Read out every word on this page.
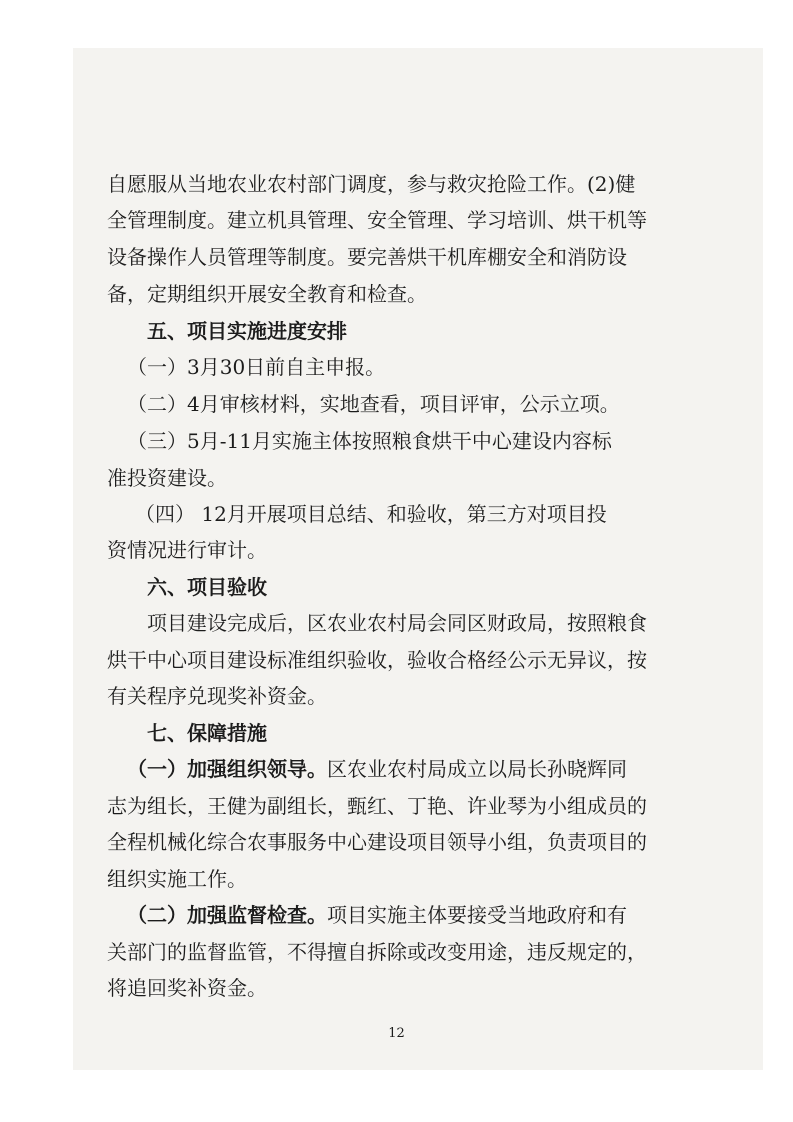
自愿服从当地农业农村部门调度，参与救灾抢险工作。(2)健
全管理制度。建立机具管理、安全管理、学习培训、烘干机等
设备操作人员管理等制度。要完善烘干机库棚安全和消防设
备，定期组织开展安全教育和检查。
五、项目实施进度安排
（一）3月30日前自主申报。
（二）4月审核材料，实地查看，项目评审，公示立项。
（三）5月-11月实施主体按照粮食烘干中心建设内容标
准投资建设。
（四） 12月开展项目总结、和验收，第三方对项目投
资情况进行审计。
六、项目验收
项目建设完成后，区农业农村局会同区财政局，按照粮食
烘干中心项目建设标准组织验收，验收合格经公示无异议，按
有关程序兑现奖补资金。
七、保障措施
（一）加强组织领导。区农业农村局成立以局长孙晓辉同
志为组长，王健为副组长，甄红、丁艳、许业琴为小组成员的
全程机械化综合农事服务中心建设项目领导小组，负责项目的
组织实施工作。
（二）加强监督检查。项目实施主体要接受当地政府和有
关部门的监督监管，不得擅自拆除或改变用途，违反规定的，
将追回奖补资金。
12
